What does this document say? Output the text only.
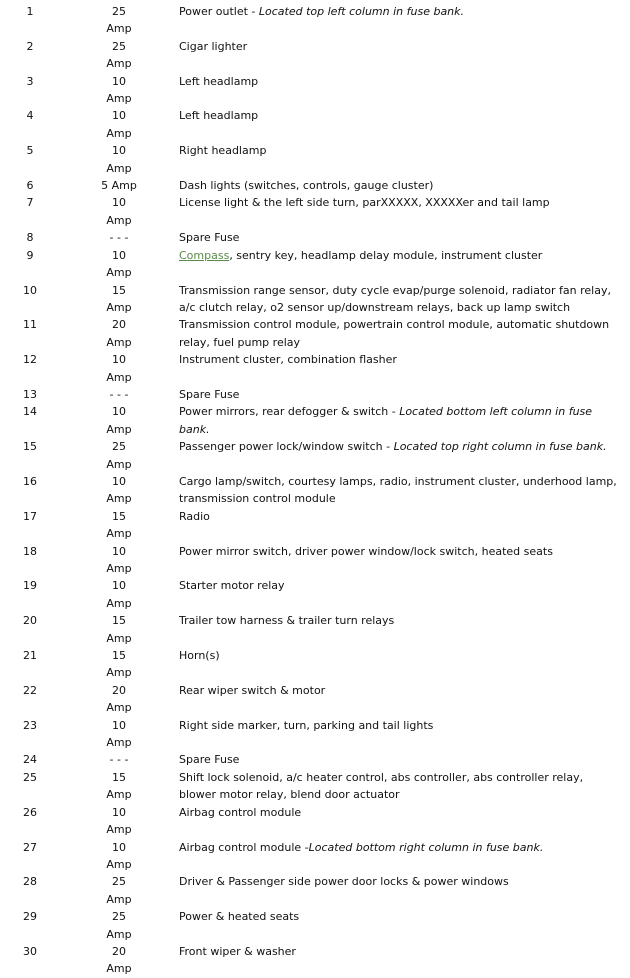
1	25 Amp	Power outlet - Located top left column in fuse bank.
2	25 Amp	Cigar lighter
3	10 Amp	Left headlamp
4	10 Amp	Left headlamp
5	10 Amp	Right headlamp
6	5 Amp	Dash lights (switches, controls, gauge cluster)
7	10 Amp	License light & the left side turn, parXXXXX, XXXXXer and tail lamp
8	- - -	Spare Fuse
9	10 Amp	Compass, sentry key, headlamp delay module, instrument cluster
10	15 Amp	Transmission range sensor, duty cycle evap/purge solenoid, radiator fan relay,
a/c clutch relay, o2 sensor up/downstream relays, back up lamp switch
11	20 Amp	Transmission control module, powertrain control module, automatic shutdown
relay, fuel pump relay
12	10 Amp	Instrument cluster, combination flasher
13	- - -	Spare Fuse
14	10 Amp	Power mirrors, rear defogger & switch - Located bottom left column in fuse
bank.
15	25 Amp	Passenger power lock/window switch - Located top right column in fuse bank.
16	10 Amp	Cargo lamp/switch, courtesy lamps, radio, instrument cluster, underhood lamp,
transmission control module
17	15 Amp	Radio
18	10 Amp	Power mirror switch, driver power window/lock switch, heated seats
19	10 Amp	Starter motor relay
20	15 Amp	Trailer tow harness & trailer turn relays
21	15 Amp	Horn(s)
22	20 Amp	Rear wiper switch & motor
23	10 Amp	Right side marker, turn, parking and tail lights
24	- - -	Spare Fuse
25	15 Amp	Shift lock solenoid, a/c heater control, abs controller, abs controller relay,
blower motor relay, blend door actuator
26	10 Amp	Airbag control module
27	10 Amp	Airbag control module -Located bottom right column in fuse bank.
28	25 Amp	Driver & Passenger side power door locks & power windows
29	25 Amp	Power & heated seats
30	20 Amp	Front wiper & washer
